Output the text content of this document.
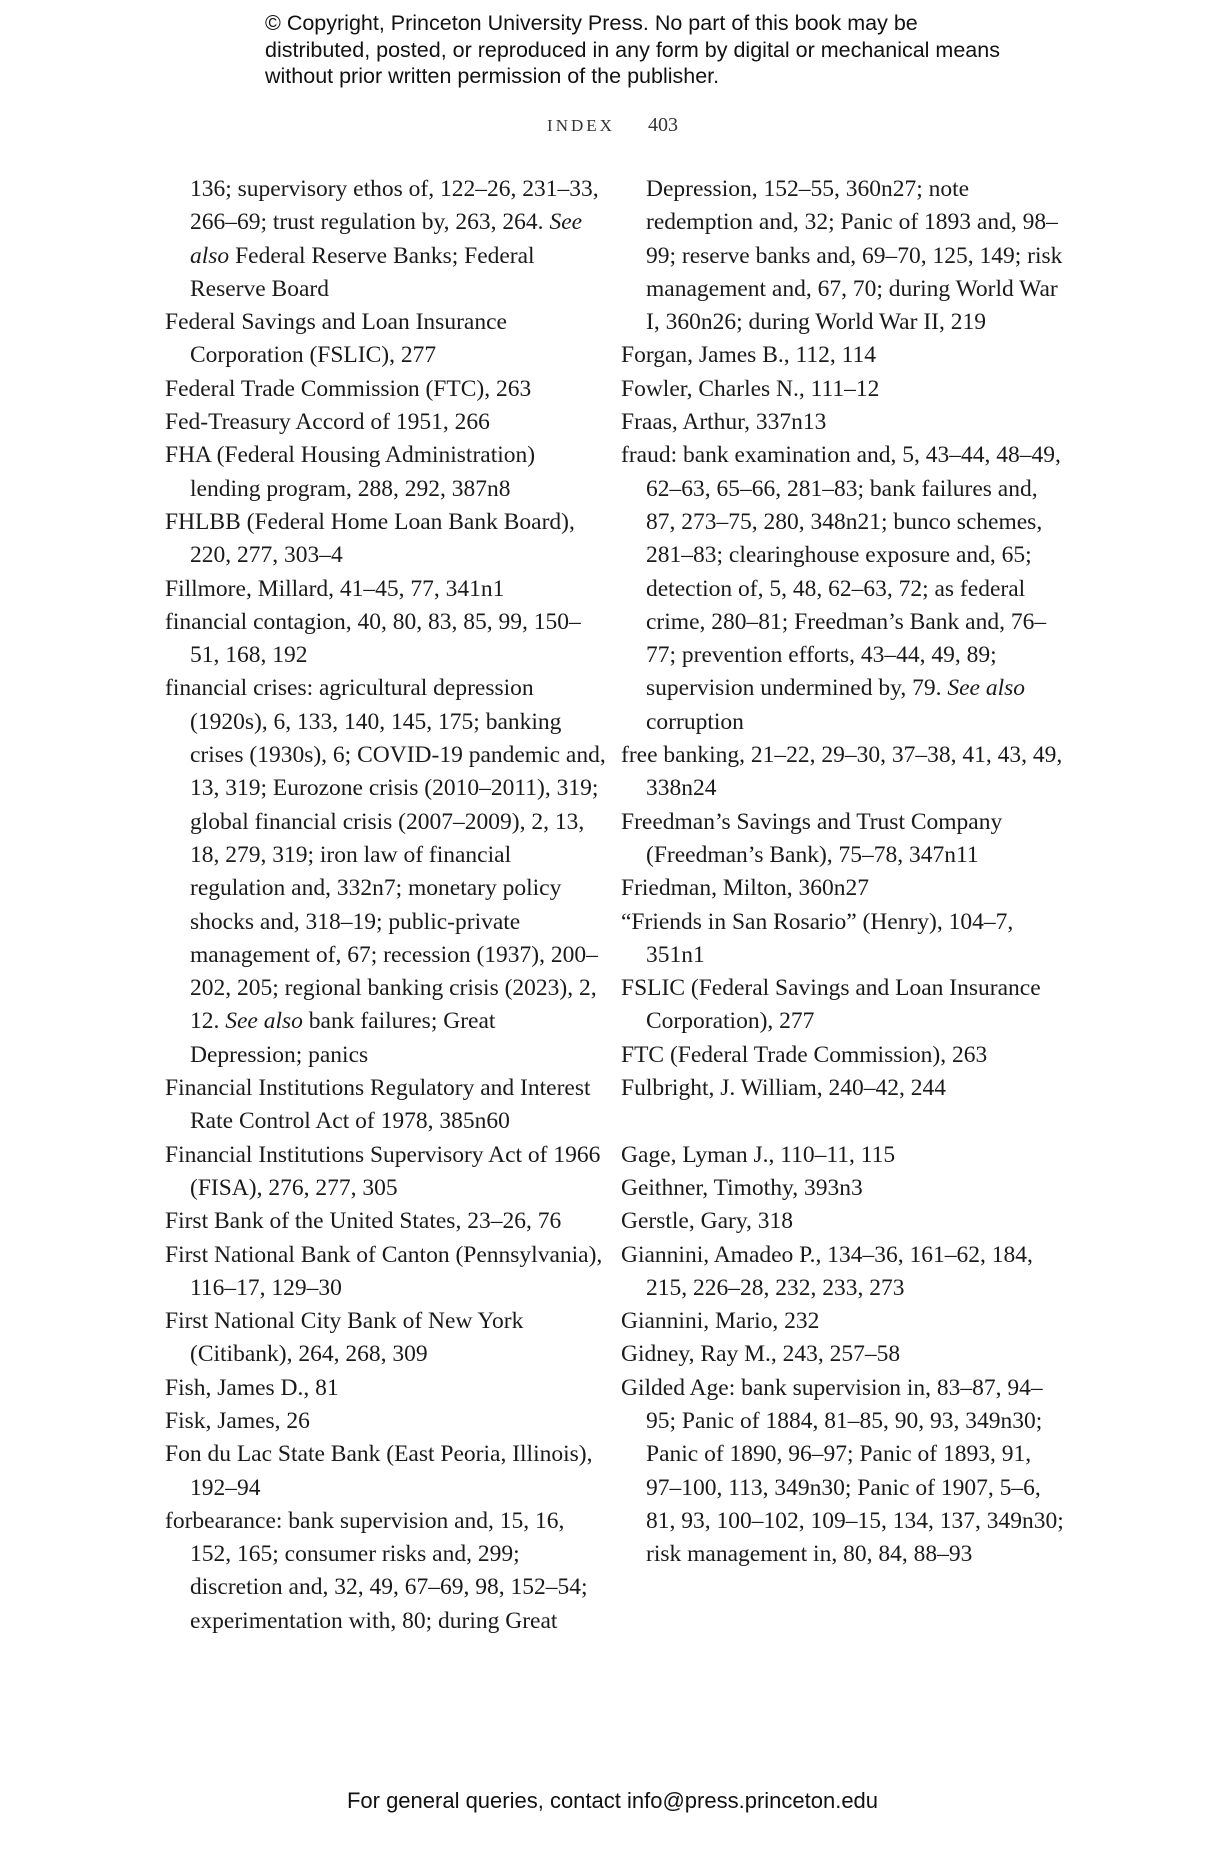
© Copyright, Princeton University Press. No part of this book may be distributed, posted, or reproduced in any form by digital or mechanical means without prior written permission of the publisher.
INDEX 403
136; supervisory ethos of, 122–26, 231–33, 266–69; trust regulation by, 263, 264. See also Federal Reserve Banks; Federal Reserve Board
Federal Savings and Loan Insurance Corporation (FSLIC), 277
Federal Trade Commission (FTC), 263
Fed-Treasury Accord of 1951, 266
FHA (Federal Housing Administration) lending program, 288, 292, 387n8
FHLBB (Federal Home Loan Bank Board), 220, 277, 303–4
Fillmore, Millard, 41–45, 77, 341n1
financial contagion, 40, 80, 83, 85, 99, 150–51, 168, 192
financial crises: agricultural depression (1920s), 6, 133, 140, 145, 175; banking crises (1930s), 6; COVID-19 pandemic and, 13, 319; Eurozone crisis (2010–2011), 319; global financial crisis (2007–2009), 2, 13, 18, 279, 319; iron law of financial regulation and, 332n7; monetary policy shocks and, 318–19; public-private management of, 67; recession (1937), 200–202, 205; regional banking crisis (2023), 2, 12. See also bank failures; Great Depression; panics
Financial Institutions Regulatory and Interest Rate Control Act of 1978, 385n60
Financial Institutions Supervisory Act of 1966 (FISA), 276, 277, 305
First Bank of the United States, 23–26, 76
First National Bank of Canton (Pennsylvania), 116–17, 129–30
First National City Bank of New York (Citibank), 264, 268, 309
Fish, James D., 81
Fisk, James, 26
Fon du Lac State Bank (East Peoria, Illinois), 192–94
forbearance: bank supervision and, 15, 16, 152, 165; consumer risks and, 299; discretion and, 32, 49, 67–69, 98, 152–54; experimentation with, 80; during Great
Depression, 152–55, 360n27; note redemption and, 32; Panic of 1893 and, 98–99; reserve banks and, 69–70, 125, 149; risk management and, 67, 70; during World War I, 360n26; during World War II, 219
Forgan, James B., 112, 114
Fowler, Charles N., 111–12
Fraas, Arthur, 337n13
fraud: bank examination and, 5, 43–44, 48–49, 62–63, 65–66, 281–83; bank failures and, 87, 273–75, 280, 348n21; bunco schemes, 281–83; clearinghouse exposure and, 65; detection of, 5, 48, 62–63, 72; as federal crime, 280–81; Freedman’s Bank and, 76–77; prevention efforts, 43–44, 49, 89; supervision undermined by, 79. See also corruption
free banking, 21–22, 29–30, 37–38, 41, 43, 49, 338n24
Freedman’s Savings and Trust Company (Freedman’s Bank), 75–78, 347n11
Friedman, Milton, 360n27
“Friends in San Rosario” (Henry), 104–7, 351n1
FSLIC (Federal Savings and Loan Insurance Corporation), 277
FTC (Federal Trade Commission), 263
Fulbright, J. William, 240–42, 244
Gage, Lyman J., 110–11, 115
Geithner, Timothy, 393n3
Gerstle, Gary, 318
Giannini, Amadeo P., 134–36, 161–62, 184, 215, 226–28, 232, 233, 273
Giannini, Mario, 232
Gidney, Ray M., 243, 257–58
Gilded Age: bank supervision in, 83–87, 94–95; Panic of 1884, 81–85, 90, 93, 349n30; Panic of 1890, 96–97; Panic of 1893, 91, 97–100, 113, 349n30; Panic of 1907, 5–6, 81, 93, 100–102, 109–15, 134, 137, 349n30; risk management in, 80, 84, 88–93
For general queries, contact info@press.princeton.edu
